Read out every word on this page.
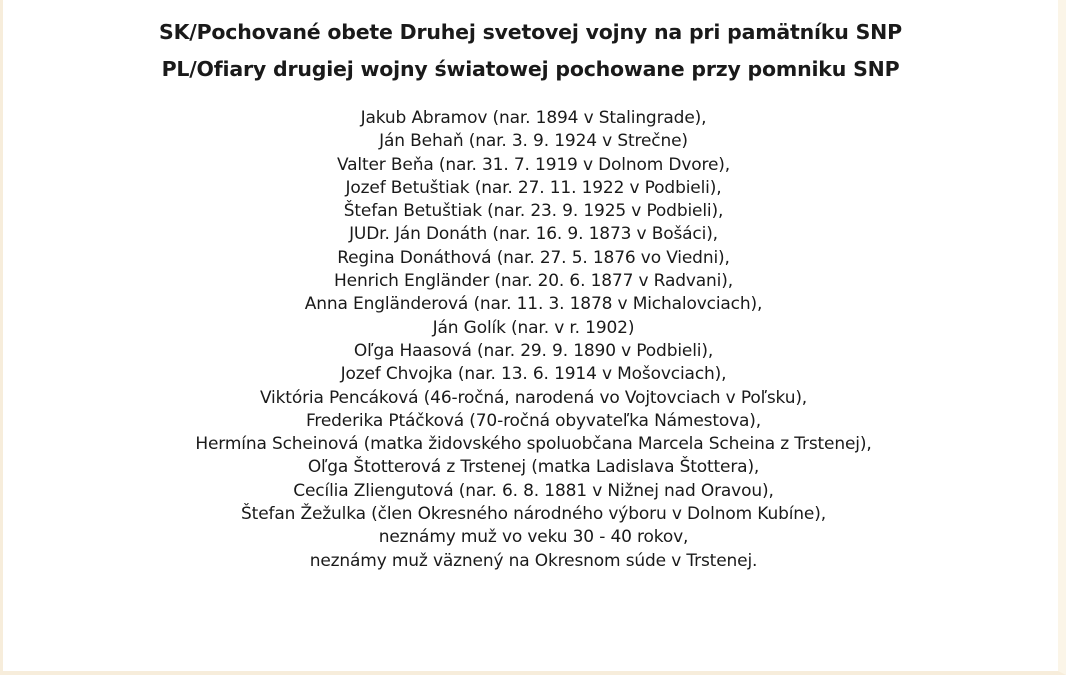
SK/Pochované obete Druhej svetovej vojny na pri pamätníku SNP
PL/Ofiary drugiej wojny światowej pochowane przy pomniku SNP
Jakub Abramov (nar. 1894 v Stalingrade),
Ján Behaň (nar. 3. 9. 1924 v Strečne)
Valter Beňa (nar. 31. 7. 1919 v Dolnom Dvore),
Jozef Betuštiak (nar. 27. 11. 1922 v Podbieli),
Štefan Betuštiak (nar. 23. 9. 1925 v Podbieli),
JUDr. Ján Donáth (nar. 16. 9. 1873 v Bošáci),
Regina Donáthová (nar. 27. 5. 1876 vo Viedni),
Henrich Engländer (nar. 20. 6. 1877 v Radvani),
Anna Engländerová (nar. 11. 3. 1878 v Michalovciach),
Ján Golík (nar. v r. 1902)
Oľga Haasová (nar. 29. 9. 1890 v Podbieli),
Jozef Chvojka (nar. 13. 6. 1914 v Mošovciach),
Viktória Pencáková (46-ročná, narodená vo Vojtovciach v Poľsku),
Frederika Ptáčková (70-ročná obyvateľka Námestova),
Hermína Scheinová (matka židovského spoluobčana Marcela Scheina z Trstenej),
Oľga Štotterová z Trstenej (matka Ladislava Štottera),
Cecília Zliengutová (nar. 6. 8. 1881 v Nižnej nad Oravou),
Štefan Žežulka (člen Okresného národného výboru v Dolnom Kubíne),
neznámy muž vo veku 30 - 40 rokov,
neznámy muž väznený na Okresnom súde v Trstenej.
